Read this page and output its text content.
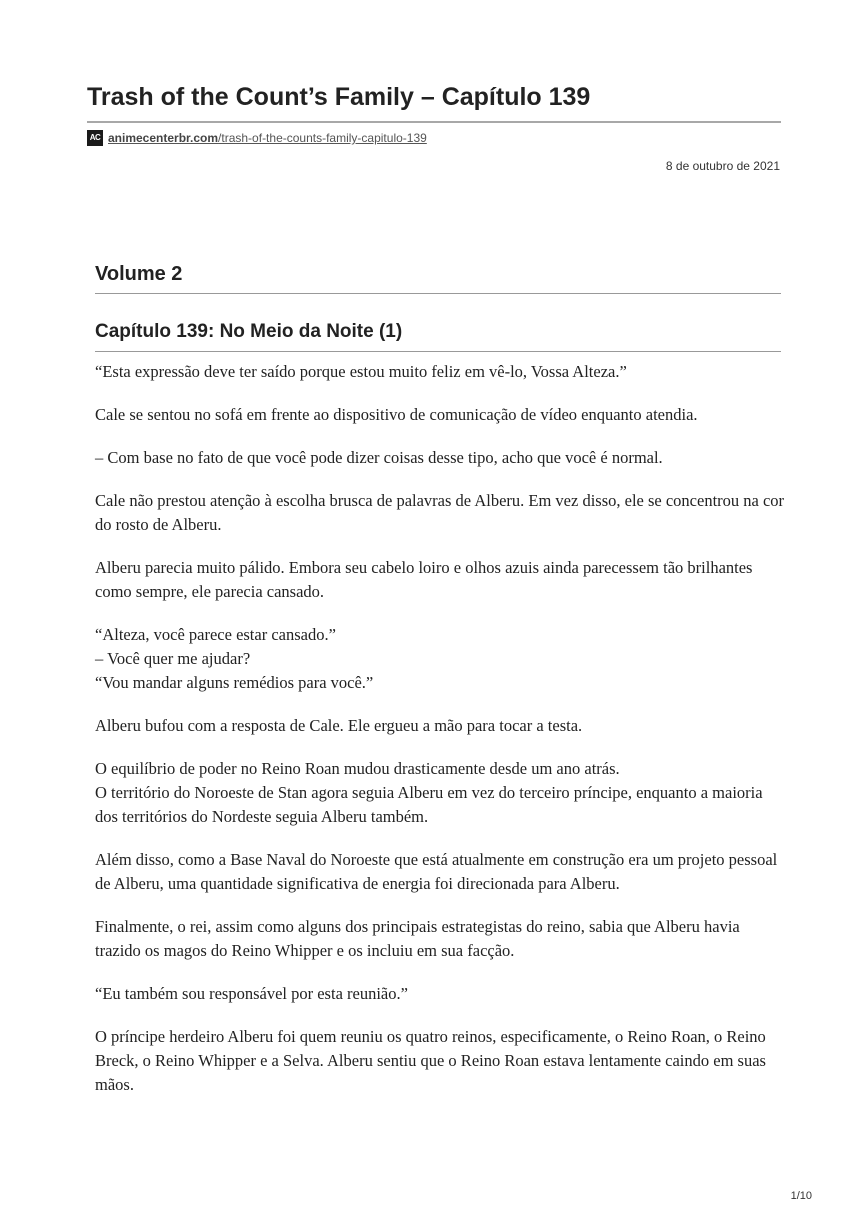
Trash of the Count’s Family – Capítulo 139
AC animecenterbr.com/trash-of-the-counts-family-capitulo-139
8 de outubro de 2021
Volume 2
Capítulo 139: No Meio da Noite (1)

“Esta expressão deve ter saído porque estou muito feliz em vê-lo, Vossa Alteza.”

Cale se sentou no sofá em frente ao dispositivo de comunicação de vídeo enquanto atendia.

– Com base no fato de que você pode dizer coisas desse tipo, acho que você é normal.

Cale não prestou atenção à escolha brusca de palavras de Alberu. Em vez disso, ele se concentrou na cor do rosto de Alberu.

Alberu parecia muito pálido. Embora seu cabelo loiro e olhos azuis ainda parecessem tão brilhantes como sempre, ele parecia cansado.

“Alteza, você parece estar cansado.”
– Você quer me ajudar?
“Vou mandar alguns remédios para você.”

Alberu bufou com a resposta de Cale. Ele ergueu a mão para tocar a testa.

O equilíbrio de poder no Reino Roan mudou drasticamente desde um ano atrás.
O território do Noroeste de Stan agora seguia Alberu em vez do terceiro príncipe, enquanto a maioria dos territórios do Nordeste seguia Alberu também.

Além disso, como a Base Naval do Noroeste que está atualmente em construção era um projeto pessoal de Alberu, uma quantidade significativa de energia foi direcionada para Alberu.

Finalmente, o rei, assim como alguns dos principais estrategistas do reino, sabia que Alberu havia trazido os magos do Reino Whipper e os incluiu em sua facção.

“Eu também sou responsável por esta reunião.”

O príncipe herdeiro Alberu foi quem reuniu os quatro reinos, especificamente, o Reino Roan, o Reino Breck, o Reino Whipper e a Selva. Alberu sentiu que o Reino Roan estava lentamente caindo em suas mãos.

1/10
